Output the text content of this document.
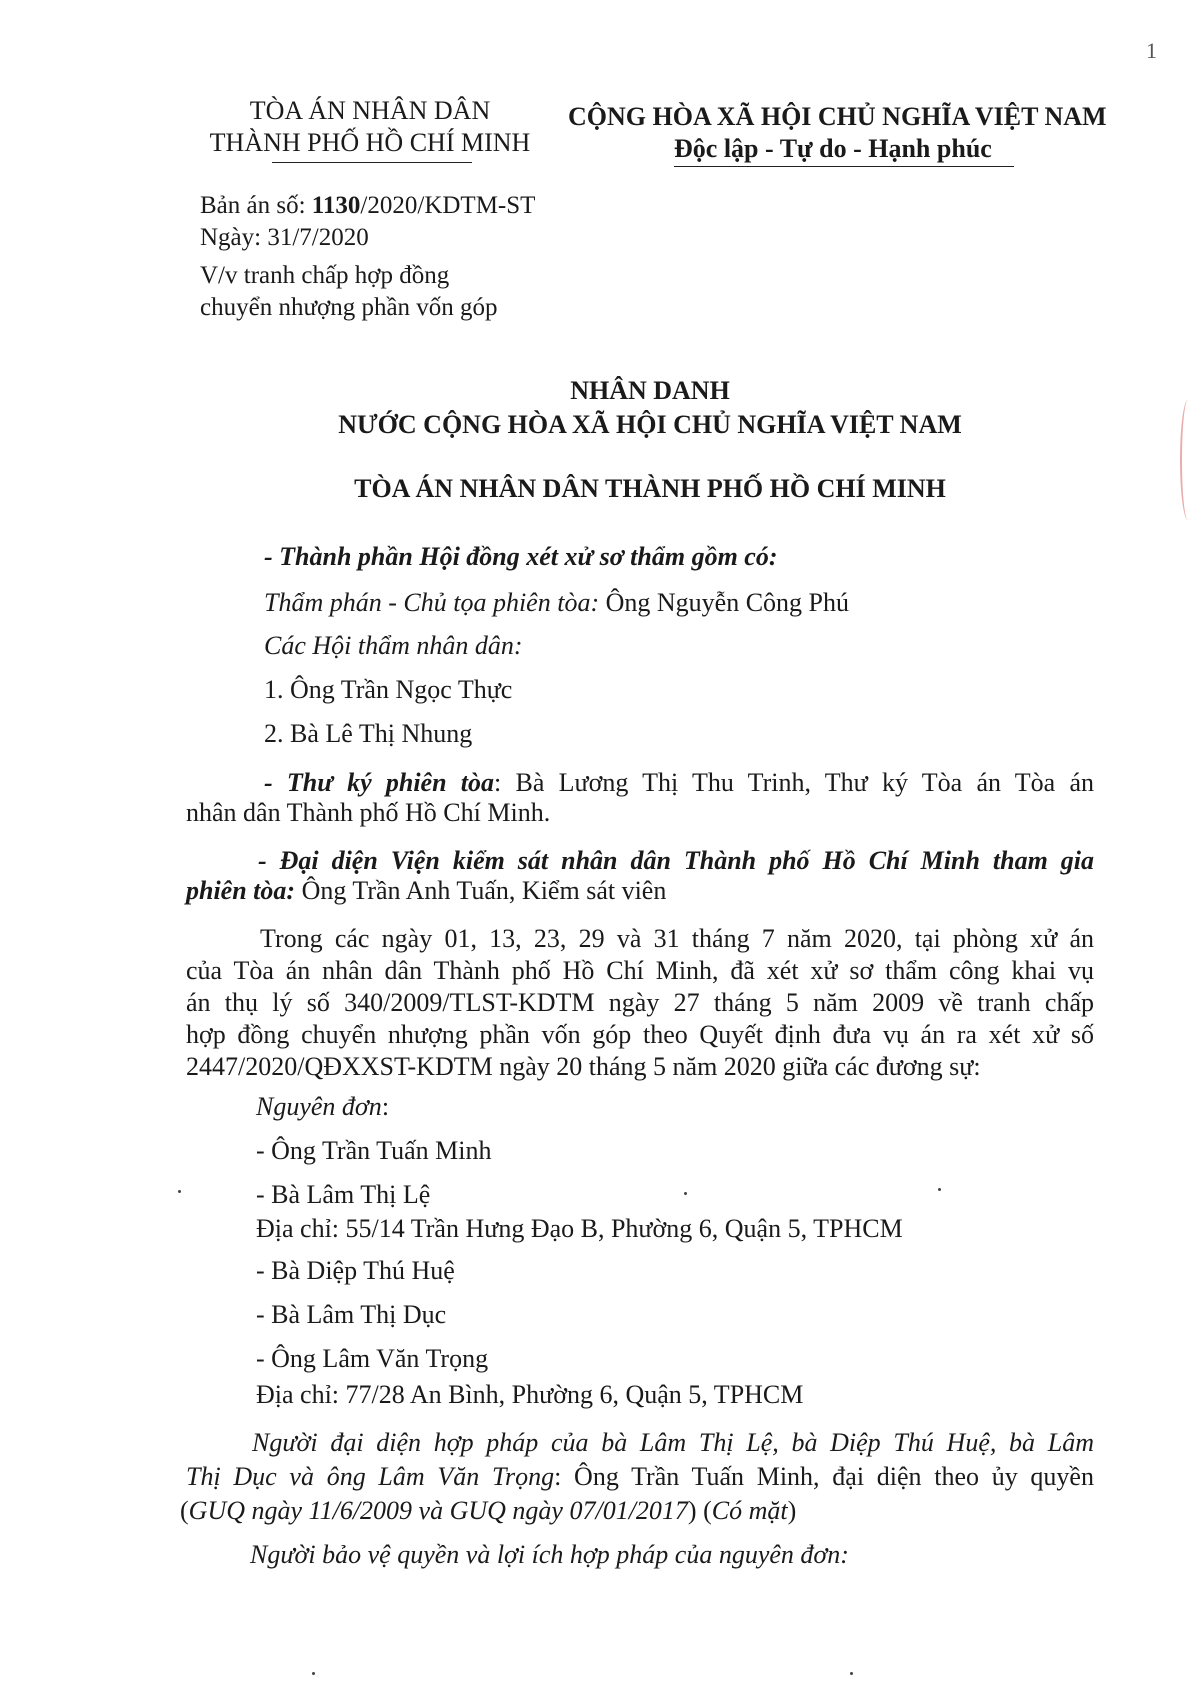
1
TÒA ÁN NHÂN DÂN
THÀNH PHỐ HỒ CHÍ MINH
CỘNG HÒA XÃ HỘI CHỦ NGHĨA VIỆT NAM
Độc lập - Tự do - Hạnh phúc
Bản án số: 1130/2020/KDTM-ST
Ngày: 31/7/2020
V/v tranh chấp hợp đồng
chuyển nhượng phần vốn góp
NHÂN DANH
NƯỚC CỘNG HÒA XÃ HỘI CHỦ NGHĨA VIỆT NAM
TÒA ÁN NHÂN DÂN THÀNH PHỐ HỒ CHÍ MINH
- Thành phần Hội đồng xét xử sơ thẩm gồm có:
Thẩm phán - Chủ tọa phiên tòa: Ông Nguyễn Công Phú
Các Hội thẩm nhân dân:
1. Ông Trần Ngọc Thực
2. Bà Lê Thị Nhung
- Thư ký phiên tòa: Bà Lương Thị Thu Trinh, Thư ký Tòa án Tòa án
nhân dân Thành phố Hồ Chí Minh.
- Đại diện Viện kiểm sát nhân dân Thành phố Hồ Chí Minh tham gia
phiên tòa: Ông Trần Anh Tuấn, Kiểm sát viên
Trong các ngày 01, 13, 23, 29 và 31 tháng 7 năm 2020, tại phòng xử án
của Tòa án nhân dân Thành phố Hồ Chí Minh, đã xét xử sơ thẩm công khai vụ
án thụ lý số 340/2009/TLST-KDTM ngày 27 tháng 5 năm 2009 về tranh chấp
hợp đồng chuyển nhượng phần vốn góp theo Quyết định đưa vụ án ra xét xử số
2447/2020/QĐXXST-KDTM ngày 20 tháng 5 năm 2020 giữa các đương sự:
Nguyên đơn:
- Ông Trần Tuấn Minh
- Bà Lâm Thị Lệ
Địa chỉ: 55/14 Trần Hưng Đạo B, Phường 6, Quận 5, TPHCM
- Bà Diệp Thú Huệ
- Bà Lâm Thị Dục
- Ông Lâm Văn Trọng
Địa chỉ: 77/28 An Bình, Phường 6, Quận 5, TPHCM
Người đại diện hợp pháp của bà Lâm Thị Lệ, bà Diệp Thú Huệ, bà Lâm
Thị Dục và ông Lâm Văn Trọng: Ông Trần Tuấn Minh, đại diện theo ủy quyền
(GUQ ngày 11/6/2009 và GUQ ngày 07/01/2017) (Có mặt)
Người bảo vệ quyền và lợi ích hợp pháp của nguyên đơn:
